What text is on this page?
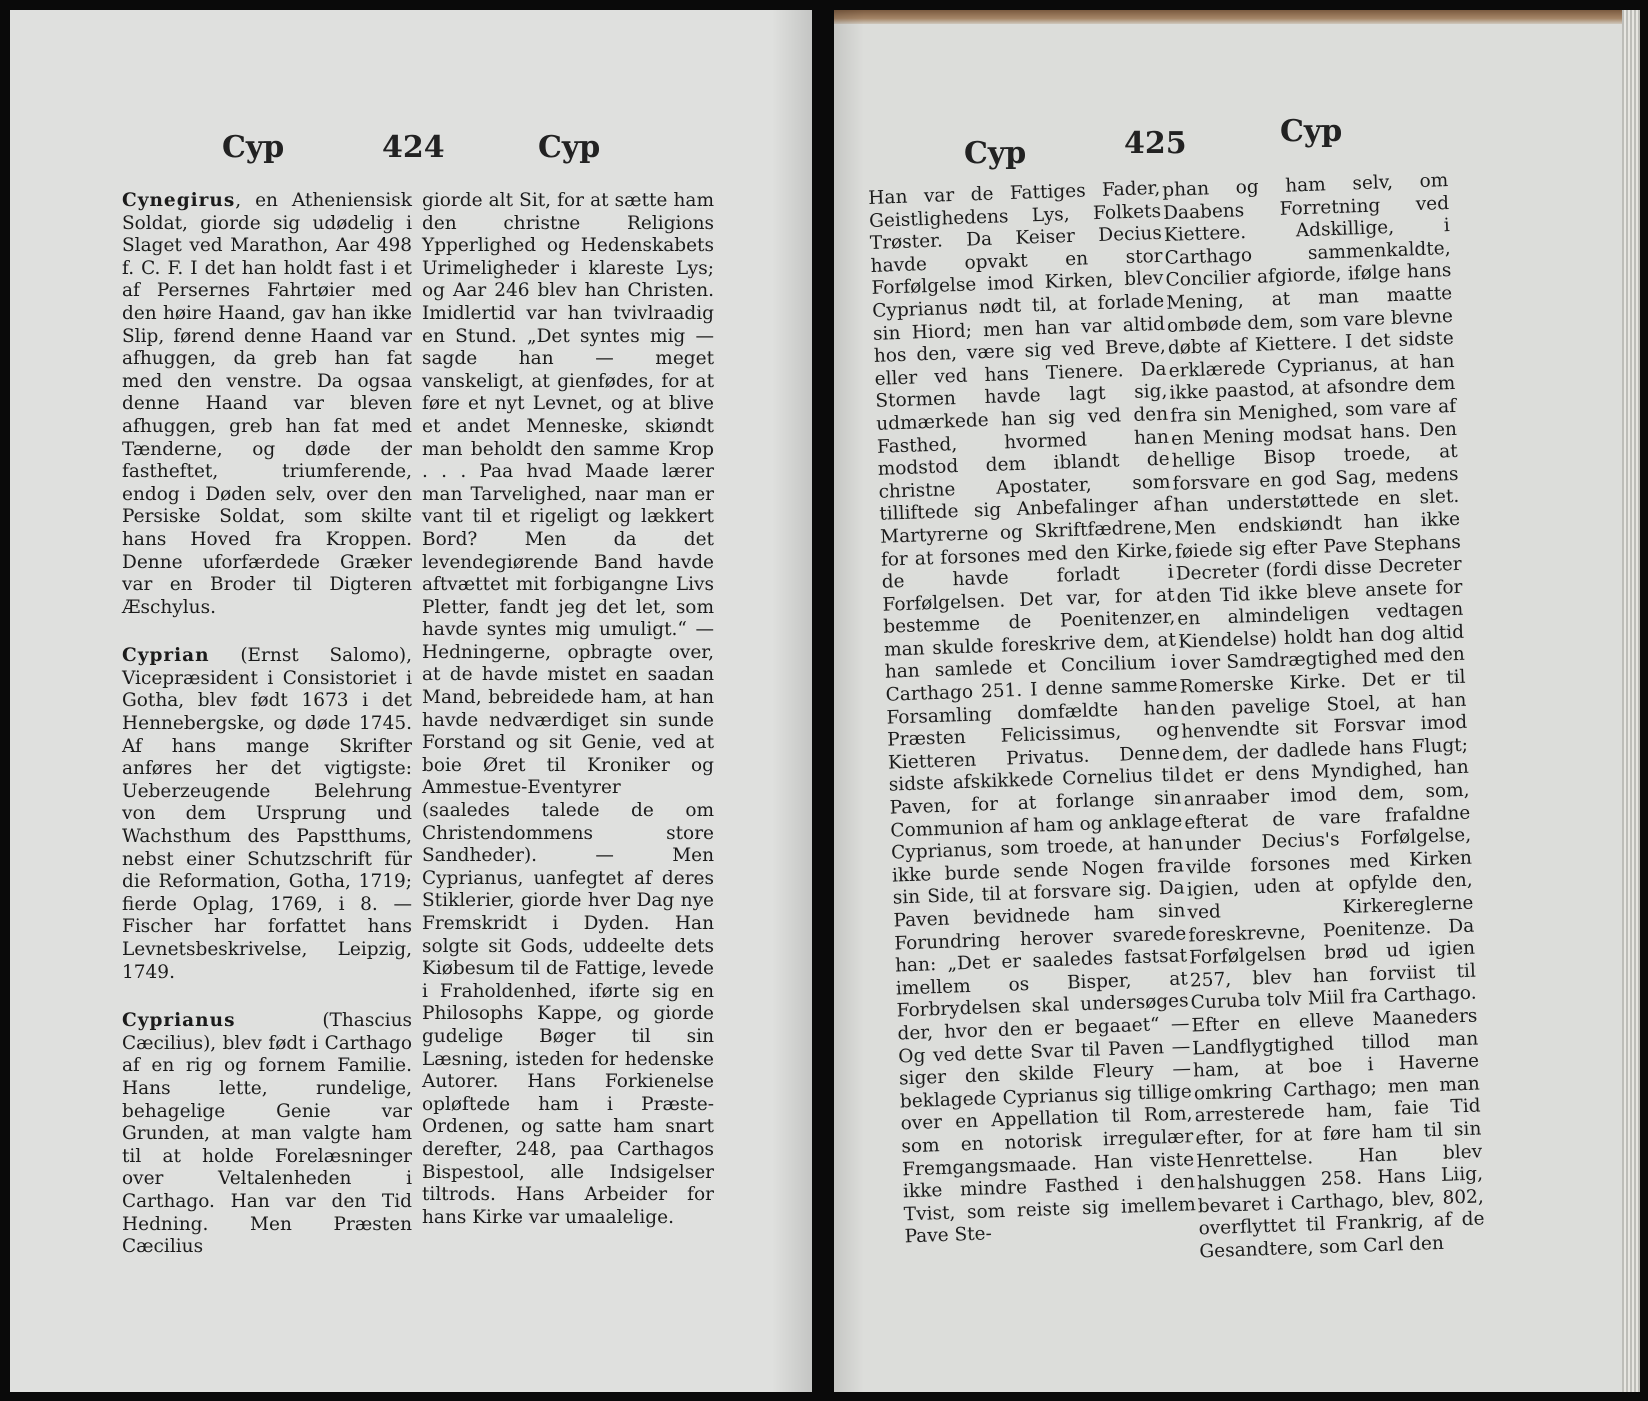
Cyp	424	Cyp

Cynegirus, en Atheniensisk Soldat, giorde sig udødelig i Slaget ved Marathon, Aar 498 f. C. F. I det han holdt fast i et af Persernes Fahrtøier med den høire Haand, gav han ikke Slip, førend denne Haand var afhuggen, da greb han fat med den venstre. Da ogsaa denne Haand var bleven afhuggen, greb han fat med Tænderne, og døde der fastheftet, triumferende, endog i Døden selv, over den Persiske Soldat, som skilte hans Hoved fra Kroppen. Denne uforfærdede Græker var en Broder til Digteren Æschylus.

Cyprian (Ernst Salomo), Vicepræsident i Consistoriet i Gotha, blev født 1673 i det Hennebergske, og døde 1745. Af hans mange Skrifter anføres her det vigtigste: Ueberzeugende Belehrung von dem Ursprung und Wachsthum des Papstthums, nebst einer Schutzschrift für die Reformation, Gotha, 1719; fierde Oplag, 1769, i 8. — Fischer har forfattet hans Levnetsbeskrivelse, Leipzig, 1749.

Cyprianus (Thascius Cæcilius), blev født i Carthago af en rig og fornem Familie. Hans lette, rundelige, behagelige Genie var Grunden, at man valgte ham til at holde Forelæsninger over Veltalenheden i Carthago. Han var den Tid Hedning. Men Præsten Cæcilius

giorde alt Sit, for at sætte ham den christne Religions Ypperlighed og Hedenskabets Urimeligheder i klareste Lys; og Aar 246 blev han Christen. Imidlertid var han tvivlraadig en Stund. „Det syntes mig — sagde han — meget vanskeligt, at gienfødes, for at føre et nyt Levnet, og at blive et andet Menneske, skiøndt man beholdt den samme Krop . . . Paa hvad Maade lærer man Tarvelighed, naar man er vant til et rigeligt og lækkert Bord? Men da det levendegiørende Band havde aftvættet mit forbigangne Livs Pletter, fandt jeg det let, som havde syntes mig umuligt.“ — Hedningerne, opbragte over, at de havde mistet en saadan Mand, bebreidede ham, at han havde nedværdiget sin sunde Forstand og sit Genie, ved at boie Øret til Kroniker og Ammestue-Eventyrer (saaledes talede de om Christendommens store Sandheder). — Men Cyprianus, uanfegtet af deres Stiklerier, giorde hver Dag nye Fremskridt i Dyden. Han solgte sit Gods, uddeelte dets Kiøbesum til de Fattige, levede i Fraholdenhed, iførte sig en Philosophs Kappe, og giorde gudelige Bøger til sin Læsning, isteden for hedenske Autorer. Hans Forkienelse opløftede ham i Præste-Ordenen, og satte ham snart derefter, 248, paa Carthagos Bispestool, alle Indsigelser tiltrods. Hans Arbeider for hans Kirke var umaalelige.

Cyp	425	Cyp

Han var de Fattiges Fader, Geistlighedens Lys, Folkets Trøster. Da Keiser Decius havde opvakt en stor Forfølgelse imod Kirken, blev Cyprianus nødt til, at forlade sin Hiord; men han var altid hos den, være sig ved Breve, eller ved hans Tienere. Da Stormen havde lagt sig, udmærkede han sig ved den Fasthed, hvormed han modstod dem iblandt de christne Apostater, som tilliftede sig Anbefalinger af Martyrerne og Skriftfædrene, for at forsones med den Kirke, de havde forladt i Forfølgelsen. Det var, for at bestemme de Poenitenzer, man skulde foreskrive dem, at han samlede et Concilium i Carthago 251. I denne samme Forsamling domfældte han Præsten Felicissimus, og Kietteren Privatus. Denne sidste afskikkede Cornelius til Paven, for at forlange sin Communion af ham og anklage Cyprianus, som troede, at han ikke burde sende Nogen fra sin Side, til at forsvare sig. Da Paven bevidnede ham sin Forundring herover svarede han: „Det er saaledes fastsat imellem os Bisper, at Forbrydelsen skal undersøges der, hvor den er begaaet“ — Og ved dette Svar til Paven — siger den skilde Fleury — beklagede Cyprianus sig tillige over en Appellation til Rom, som en notorisk irregulær Fremgangsmaade. Han viste ikke mindre Fasthed i den Tvist, som reiste sig imellem Pave Ste-

phan og ham selv, om Daabens Forretning ved Kiettere. Adskillige, i Carthago sammenkaldte, Concilier afgiorde, ifølge hans Mening, at man maatte ombøde dem, som vare blevne døbte af Kiettere. I det sidste erklærede Cyprianus, at han ikke paastod, at afsondre dem fra sin Menighed, som vare af en Mening modsat hans. Den hellige Bisop troede, at forsvare en god Sag, medens han understøttede en slet. Men endskiøndt han ikke føiede sig efter Pave Stephans Decreter (fordi disse Decreter den Tid ikke bleve ansete for en almindeligen vedtagen Kiendelse) holdt han dog altid over Samdrægtighed med den Romerske Kirke. Det er til den pavelige Stoel, at han henvendte sit Forsvar imod dem, der dadlede hans Flugt; det er dens Myndighed, han anraaber imod dem, som, efterat de vare frafaldne under Decius's Forfølgelse, vilde forsones med Kirken igien, uden at opfylde den, ved Kirkereglerne foreskrevne, Poenitenze. Da Forfølgelsen brød ud igien 257, blev han forviist til Curuba tolv Miil fra Carthago. Efter en elleve Maaneders Landflygtighed tillod man ham, at boe i Haverne omkring Carthago; men man arresterede ham, faie Tid efter, for at føre ham til sin Henrettelse. Han blev halshuggen 258. Hans Liig, bevaret i Carthago, blev, 802, overflyttet til Frankrig, af de Gesandtere, som Carl den
